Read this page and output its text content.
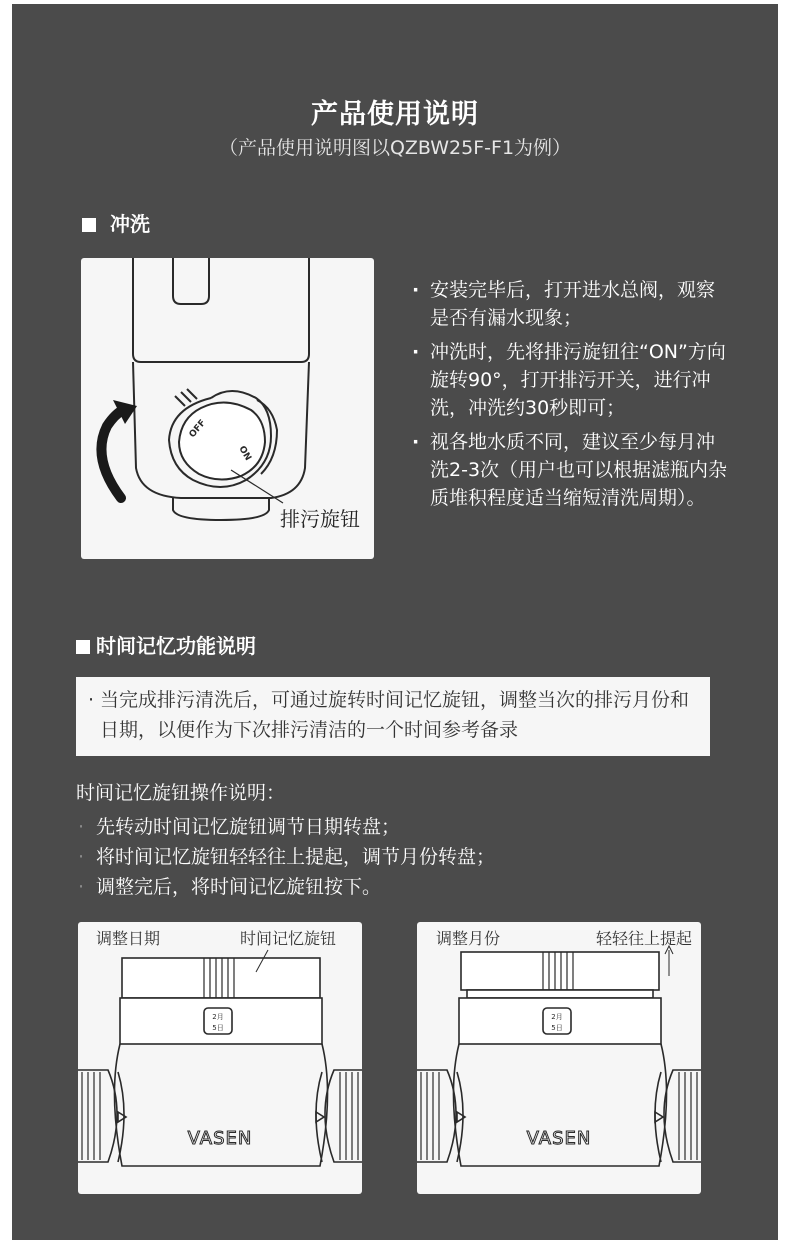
产品使用说明
（产品使用说明图以QZBW25F-F1为例）
冲洗
OFF
ON
排污旋钮
· 安装完毕后，打开进水总阀，观察是否有漏水现象；
· 冲洗时，先将排污旋钮往“ON”方向旋转90°，打开排污开关，进行冲洗，冲洗约30秒即可；
· 视各地水质不同，建议至少每月冲洗2-3次（用户也可以根据滤瓶内杂质堆积程度适当缩短清洗周期）。
时间记忆功能说明
· 当完成排污清洗后，可通过旋转时间记忆旋钮，调整当次的排污月份和日期，以便作为下次排污清洁的一个时间参考备录
时间记忆旋钮操作说明：
· 先转动时间记忆旋钮调节日期转盘；
· 将时间记忆旋钮轻轻往上提起，调节月份转盘；
· 调整完后，将时间记忆旋钮按下。
2月
5日
VASEN
调整日期	时间记忆旋钮
2月
5日
VASEN
调整月份	轻轻往上提起
